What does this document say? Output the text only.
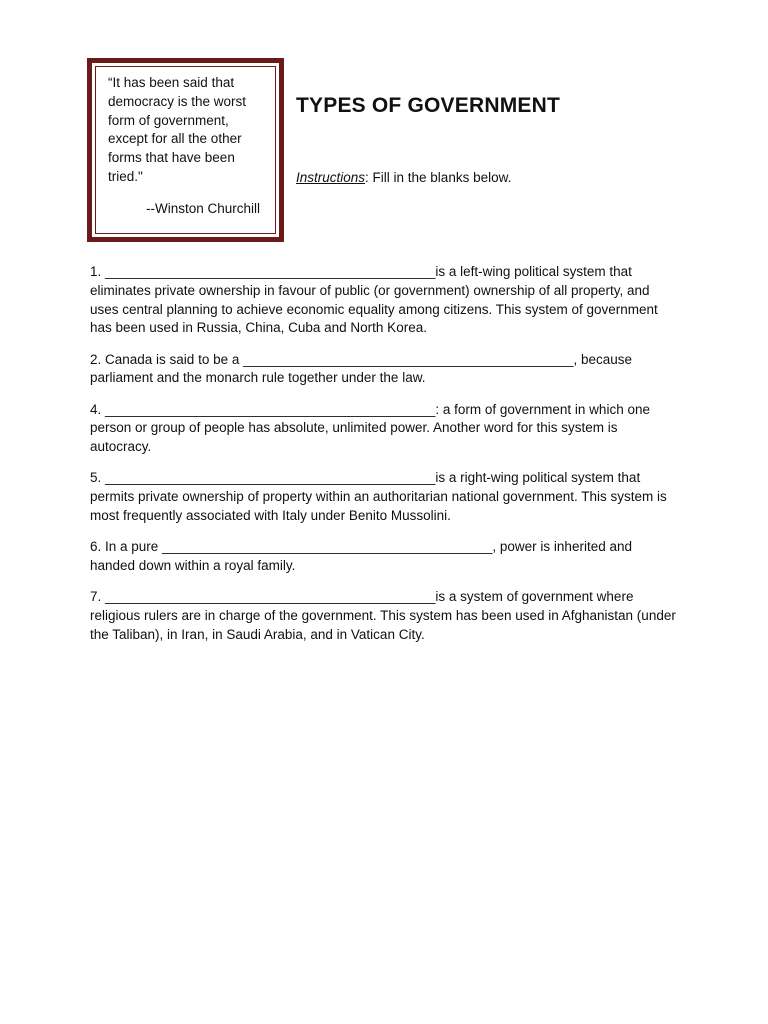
“It has been said that
democracy is the worst
form of government,
except for all the other
forms that have been
tried."
--Winston Churchill
TYPES OF GOVERNMENT
Instructions: Fill in the blanks below.

1. ____________________________________________is a left-wing political system that eliminates private ownership in favour of public (or government) ownership of all property, and uses central planning to achieve economic equality among citizens. This system of government has been used in Russia, China, Cuba and North Korea.

2. Canada is said to be a ____________________________________________, because parliament and the monarch rule together under the law.

4. ____________________________________________: a form of government in which one person or group of people has absolute, unlimited power. Another word for this system is autocracy.

5. ____________________________________________is a right-wing political system that permits private ownership of property within an authoritarian national government. This system is most frequently associated with Italy under Benito Mussolini.

6. In a pure ____________________________________________, power is inherited and handed down within a royal family.

7. ____________________________________________is a system of government where religious rulers are in charge of the government. This system has been used in Afghanistan (under the Taliban), in Iran, in Saudi Arabia, and in Vatican City.
